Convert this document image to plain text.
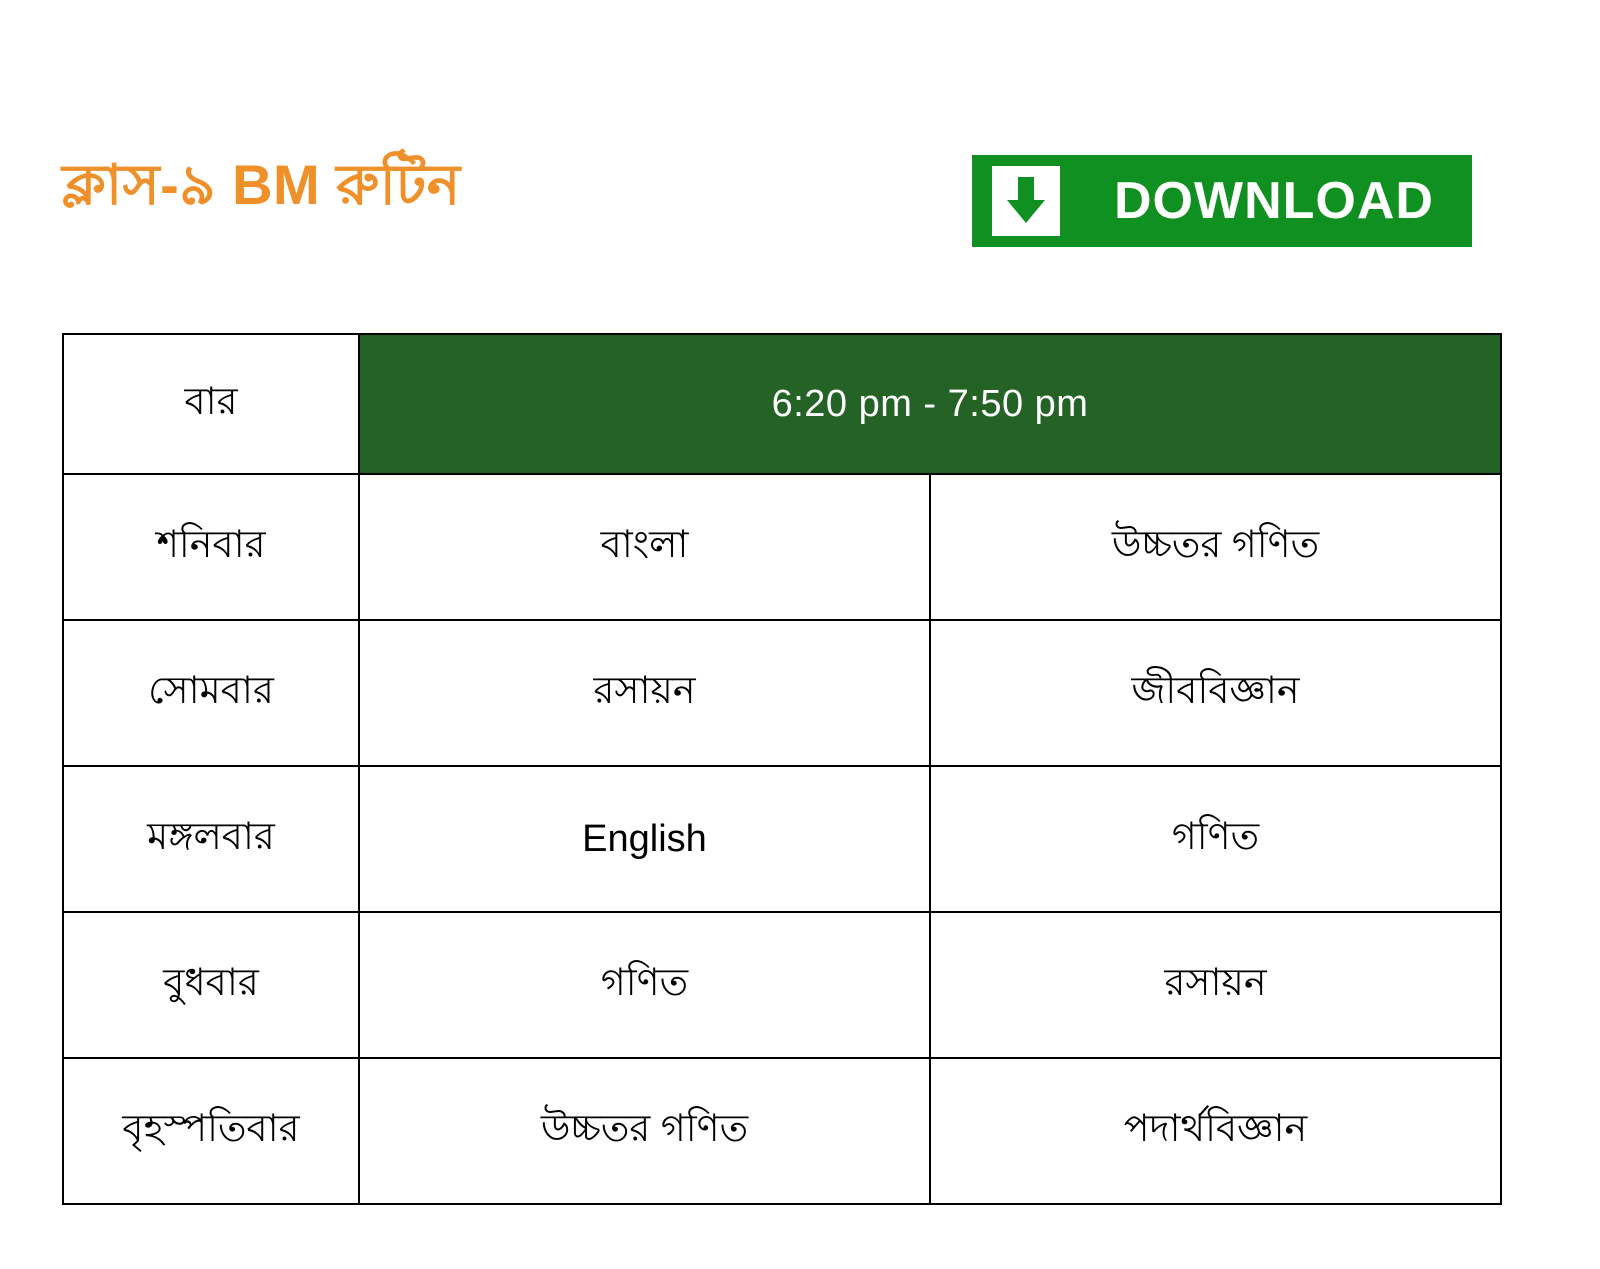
ক্লাস-৯ BM রুটিন	DOWNLOAD
বার	6:20 pm - 7:50 pm	
শনিবার	বাংলা	উচ্চতর গণিত
সোমবার	রসায়ন	জীববিজ্ঞান
মঙ্গলবার	English	গণিত
বুধবার	গণিত	রসায়ন
বৃহস্পতিবার	উচ্চতর গণিত	পদার্থবিজ্ঞান
